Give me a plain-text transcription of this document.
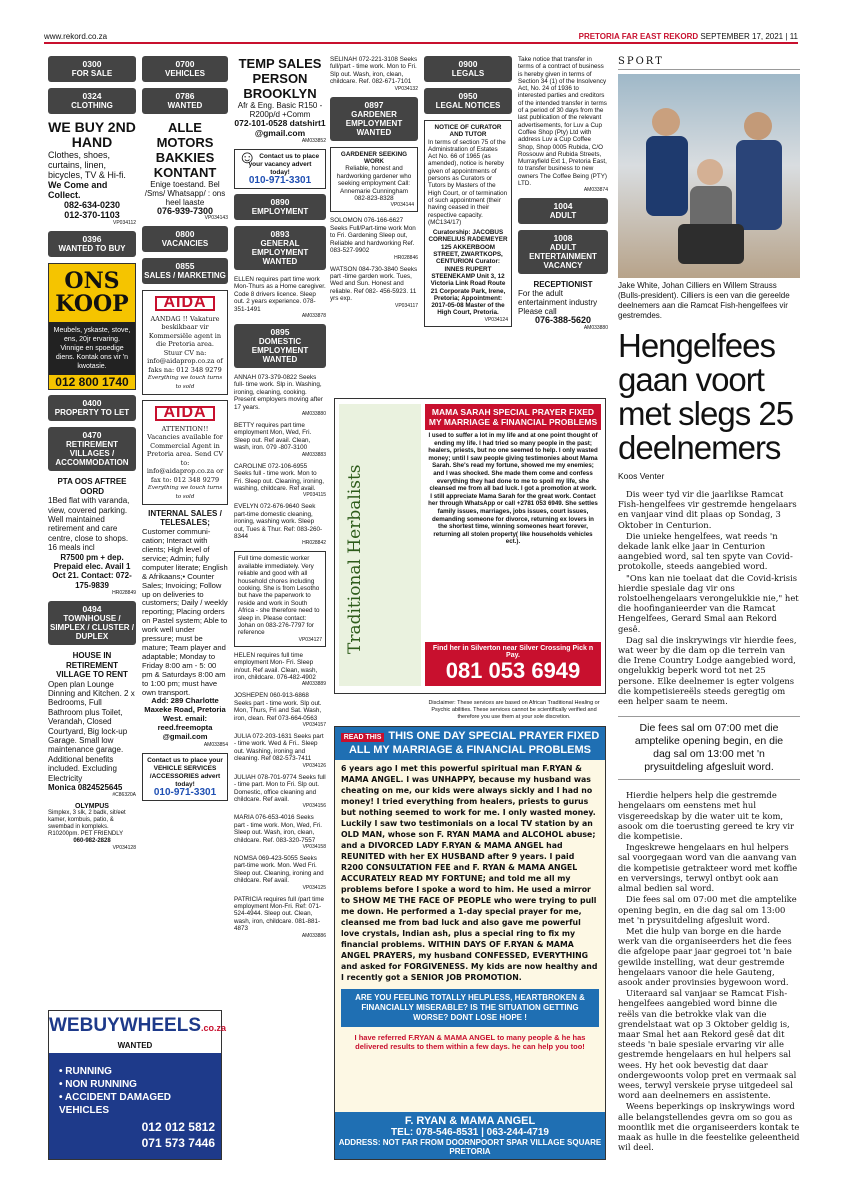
www.rekord.co.za	PRETORIA FAR EAST REKORD SEPTEMBER 17, 2021 | 11
0300
FOR SALE
0324
CLOTHING
WE BUY 2ND HAND
Clothes, shoes, curtains, linen, bicycles, TV & Hi-fi.
We Come and Collect.
082-634-0230
012-370-1103
VP034112
0396
WANTED TO BUY
ONS KOOP
Meubels, yskaste, stove, ens, 20jr ervaring. Vinnige en spoedige diens. Kontak ons vir 'n kwotasie.
012 800 1740
0400
PROPERTY TO LET
0470
RETIREMENT VILLAGES / ACCOMMODATION
PTA OOS AFTREE OORD
1Bed flat with varanda, view, covered parking. Well maintained retirement and care centre, close to shops. 16 meals incl
R7500 pm + dep. Prepaid elec. Avail 1 Oct 21. Contact: 072-175-9839
HR028849
0494
TOWNHOUSE / SIMPLEX / CLUSTER / DUPLEX
HOUSE IN RETIREMENT VILLAGE TO RENT
Open plan Lounge Dinning and Kitchen. 2 x Bedrooms, Full Bathroom plus Toilet, Verandah, Closed Courtyard, Big lock-up Garage. Small low maintenance garage. Additional benefits included. Excluding Electricity
Monica 0824525645
#C86320A
OLYMPUS
Simplex, 3 slk, 2 badk, sit/eet kamer, kombuis, patio, & swembad in kompleks. R10200pm. PET FRIENDLY
060-982-2828
VP034128
0700
VEHICLES
0786
WANTED
ALLE MOTORS BAKKIES KONTANT
Enige toestand. Bel /Sms/ Whatsapp/ : ons heel laaste
076-939-7300
VP034143
0800
VACANCIES
0855
SALES / MARKETING
AIDA
AANDAG !! Vakature beskikbaar vir Kommersiële agent in die Pretoria area. Stuur CV na: info@aidaprop.co.za of faks na: 012 348 9279
Everything we touch turns to sold
AIDA
ATTENTION!! Vacancies available for Commercial Agent in Pretoria area. Send CV to: info@aidaprop.co.za or fax to: 012 348 9279
Everything we touch turns to sold
INTERNAL SALES / TELESALES;
Customer communi-cation; Interact with clients; High level of service; Admin; fully computer literate; English & Afrikaans;• Counter Sales; Invoicing; Follow up on deliveries to customers; Daily / weekly reporting; Placing orders on Pastel system; Able to work well under pressure; must be mature; Team player and adaptable; Monday to Friday 8:00 am - 5: 00 pm & Saturdays 8:00 am to 1:00 pm; must have own transport.
Add: 289 Charlotte Maxeke Road, Pretoria West. email: reed.freemopta @gmail.com
AM033854
Contact us to place your VEHICLE SERVICES /ACCESSORIES advert today!
010-971-3301
WEBUYWHEELS.co.za
WANTED
• RUNNING
• NON RUNNING
• ACCIDENT DAMAGED VEHICLES
012 012 5812
071 573 7446
TEMP SALES PERSON BROOKLYN
Afr & Eng. Basic R150 - R200p/d +Comm
072-101-0528 datshirt1 @gmail.com
AM033852
☺ Contact us to place your vacancy advert today!
010-971-3301
0890
EMPLOYMENT
0893
GENERAL EMPLOYMENT WANTED
ELLEN requires part time work Mon-Thurs as a Home caregiver. Code 8 drivers licence. Sleep out. 2 years experience. 078-351-1491
AM033878
0895
DOMESTIC EMPLOYMENT WANTED
ANNAH 073-379-0822 Seeks full- time work. Slp in. Washing, ironing, cleaning, cooking. Present employers moving after 17 years.
AM033880
BETTY requires part time employment Mon, Wed, Fri. Sleep out. Ref avail. Clean, wash, iron. 079 -807-3100
AM033883
CAROLINE 072-106-6955 Seeks full - time work. Mon to Fri. Sleep out. Cleaning, ironing, washing, childcare. Ref avail.
VP034115
EVELYN 072-676-9640 Seek part-time domestic cleaning, ironing, washing work. Sleep out, Tues & Thur. Ref: 083-260-8344
HR028842
Full time domestic worker available immediately. Very reliable and good with all household chores including cooking. She is from Lesotho but have the paperwork to reside and work in South Africa - she therefore need to sleep in. Please contact: Johan on 083-276-7797 for reference
VP034127
HELEN requires full time employment Mon- Fri. Sleep in/out. Ref avail. Clean, wash, iron, childcare. 076-482-4902
AM033889
JOSHEPEN 060-913-6868 Seeks part - time work. Slp out. Mon, Thurs, Fri and Sat. Wash, iron, clean. Ref 073-664-0563
VP034157
JULIA 072-203-1631 Seeks part - time work. Wed & Fri.. Sleep out. Washing, ironing and cleaning. Ref 082-573-7411
VP034126
JULIAH 078-701-9774 Seeks full - time part. Mon to Fri. Slp out. Domestic, office cleaning and childcare. Ref avail.
VP034156
MARIA 076-653-4016 Seeks part - time work. Mon, Wed, Fri. Sleep out. Wash, iron, clean, childcare. Ref. 083-320-7557
VP034158
NOMSA 069-423-5055 Seeks part-time work. Mon. Wed Fri. Sleep out. Cleaning, ironing and childcare. Ref avail.
VP034125
PATRICIA requires full /part time employment Mon-Fri. Ref: 071-524-4944. Sleep out. Clean, wash, iron, childcare. 081-881-4873
AM033886
SELINAH 072-221-3108 Seeks full/part - time work. Mon to Fri. Slp out. Wash, iron, clean, childcare. Ref. 082-671-7101
VP034132
0897
GARDENER EMPLOYMENT WANTED
GARDENER SEEKING WORK
Reliable, honest and hardworking gardener who seeking employment Call: Annemarie Cunningham 082-823-8328
VP034144
SOLOMON 076-166-6627 Seeks Full/Part-time work Mon to Fri. Gardening Sleep out, Reliable and hardworking Ref. 083-527-9902
HR028846
WATSON 084-730-3840 Seeks part -time garden work. Tues, Wed and Sun. Honest and reliable. Ref 082- 456-5923. 11 yrs exp.
VP034117
0900
LEGALS
0950
LEGAL NOTICES
NOTICE OF CURATOR AND TUTOR
In terms of section 75 of the Administration of Estates Act No. 66 of 1965 (as amended), notice is hereby given of appointments of persons as Curators or Tutors by Masters of the High Court, or of termination of such appointment (their having ceased in their respective capacity. (MC134/17)
Curatorship: JACOBUS CORNELIUS RADEMEYER 125 AKKERBOOM STREET, ZWARTKOPS, CENTURION Curator: INNES RUPERT STEENEKAMP Unit 3, 12 Victoria Link Road Route 21 Corporate Park, Irene, Pretoria; Appointment: 2017-05-08 Master of the High Court, Pretoria.
VP034124
Take notice that transfer in terms of a contract of business is hereby given in terms of Section 34 (1) of the Insolvency Act, No. 24 of 1936 to interested parties and creditors of the intended transfer in terms of a period of 30 days from the last publication of the relevant advertisements, for Luv a Cup Coffee Shop (Pty) Ltd with address Luv a Cup Coffee Shop, Shop 0005 Rubida, C/O Rossouw and Rubida Streets, Murrayfield Ext 1, Pretoria East, to transfer business to new owners The Coffee Being (PTY) LTD.
AM033874
1004
ADULT
1008
ADULT ENTERTAINMENT VACANCY
RECEPTIONIST
For the adult entertainment industry Please call
076-388-5620
AM033880
Traditional Herbalists
MAMA SARAH SPECIAL PRAYER FIXED MY MARRIAGE & FINANCIAL PROBLEMS
I used to suffer a lot in my life and at one point thought of ending my life. I had tried so many people in the past; healers, priests, but no one seemed to help. I only wasted money; until I saw people giving testimonies about Mama Sarah. She's read my fortune, showed me my enemies; and I was shocked. She made them come and confess everything they had done to me to spoil my life, she cleansed me from all bad luck. I got a promotion at work. I still appreciate Mama Sarah for the great work. Contact her through WhatsApp or call +2781 053 6949. She settles family issues, marriages, jobs issues, court issues, demanding someone for divorce, returning ex lovers in the shortest time, winning someones heart forever, returning all stolen property( like households vehicles ect.).
Find her in Silverton near Silver Crossing Pick n Pay.
081 053 6949
Disclaimer: These services are based on African Traditional Healing or Psychic abilities. These services cannot be scientifically verified and therefore you use them at your sole discretion.
READ THIS THIS ONE DAY SPECIAL PRAYER FIXED ALL MY MARRIAGE & FINANCIAL PROBLEMS
6 years ago I met this powerful spiritual man F.RYAN & MAMA ANGEL. I was UNHAPPY, because my husband was cheating on me, our kids were always sickly and I had no money! I tried everything from healers, priests to gurus but nothing seemed to work for me. I only wasted money. Luckily I saw two testimonials on a local TV station by an OLD MAN, whose son F. RYAN MAMA and ALCOHOL abuse; and a DIVORCED LADY F.RYAN & MAMA ANGEL had REUNITED with her EX HUSBAND after 9 years. I paid R200 CONSULTATION FEE and F. RYAN & MAMA ANGEL ACCURATELY READ MY FORTUNE; and told me all my problems before I spoke a word to him. He used a mirror to SHOW ME THE FACE OF PEOPLE who were trying to pull me down. He performed a 1-day special prayer for me, cleansed me from bad luck and also gave me powerful love crystals, Indian ash, plus a special ring to fix my financial problems. WITHIN DAYS OF F.RYAN & MAMA ANGEL PRAYERS, my husband CONFESSED, EVERYTHING and asked for FORGIVENESS. My kids are now healthy and I recently got a SENIOR JOB PROMOTION.
ARE YOU FEELING TOTALLY HELPLESS, HEARTBROKEN & FINANCIALLY MISERABLE? IS THE SITUATION GETTING WORSE? DONT LOSE HOPE !
I have referred F.RYAN & MAMA ANGEL to many people & he has delivered results to them within a few days. he can help you too!
F. RYAN & MAMA ANGEL
TEL: 078-546-8531 | 063-244-4719
ADDRESS: NOT FAR FROM DOORNPOORT SPAR VILLAGE SQUARE PRETORIA
SPORT
Jake White, Johan Cilliers en Willem Strauss (Bulls-president). Cilliers is een van die gereelde deelnemers aan die Ramcat Fish-hengelfees vir gestremdes.
Hengelfees gaan voort met slegs 25 deelnemers
Koos Venter

Dis weer tyd vir die jaarlikse Ramcat Fish-hengelfees vir gestremde hengelaars en vanjaar vind dit plaas op Sondag, 3 Oktober in Centurion.

Die unieke hengelfees, wat reeds 'n dekade lank elke jaar in Centurion aangebied word, sal ten spyte van Covid-protokolle, steeds aangebied word.

"Ons kan nie toelaat dat die Covid-krisis hierdie spesiale dag vir ons rolstoelhengelaars verongelukkie nie," het die hoofinganieerder van die Ramcat Hengelfees, Gerard Smal aan Rekord gesê.

Dag sal die inskrywings vir hierdie fees, wat weer by die dam op die terrein van die Irene Country Lodge aangebied word, ongelukkig beperk word tot net 25 persone. Elke deelnemer is egter volgens die kompetisiereëls steeds geregtig om een helper saam te neem.

Die fees sal om 07:00 met die amptelike opening begin, en die dag sal om 13:00 met 'n prysuitdeling afgesluit word.

Hierdie helpers help die gestremde hengelaars om eenstens met hul visgereedskap by die water uit te kom, asook om die toerusting gereed te kry vir die kompetisie.

Ingeskrewe hengelaars en hul helpers sal voorgegaan word van die aanvang van die kompetisie getrakteer word met koffie en verversings, terwyl ontbyt ook aan almal bedien sal word.

Die fees sal om 07:00 met die amptelike opening begin, en die dag sal om 13:00 met 'n prysuitdeling afgesluit word.

Met die hulp van borge en die harde werk van die organiseerders het die fees die afgelope paar jaar gegroei tot 'n baie gewilde instelling, wat deur gestremde hengelaars vanoor die hele Gauteng, asook ander provinsies bygewoon word.

Uiteraard sal vanjaar se Ramcat Fish-hengelfees aangebied word binne die reëls van die betrokke vlak van die grendelstaat wat op 3 Oktober geldig is, maar Smal het aan Rekord gesê dat dit steeds 'n baie spesiale ervaring vir alle gestremde hengelaars en hul helpers sal wees. Hy het ook bevestig dat daar ondergewoonts volop pret en vermaak sal wees, terwyl verskeie pryse uitgedeel sal word aan deelnemers en assistente.

Weens beperkings op inskrywings word alle belangstellendes gevra om so gou as moontlik met die organiseerders kontak te maak as hulle in die feestelike geleentheid wil deel.
